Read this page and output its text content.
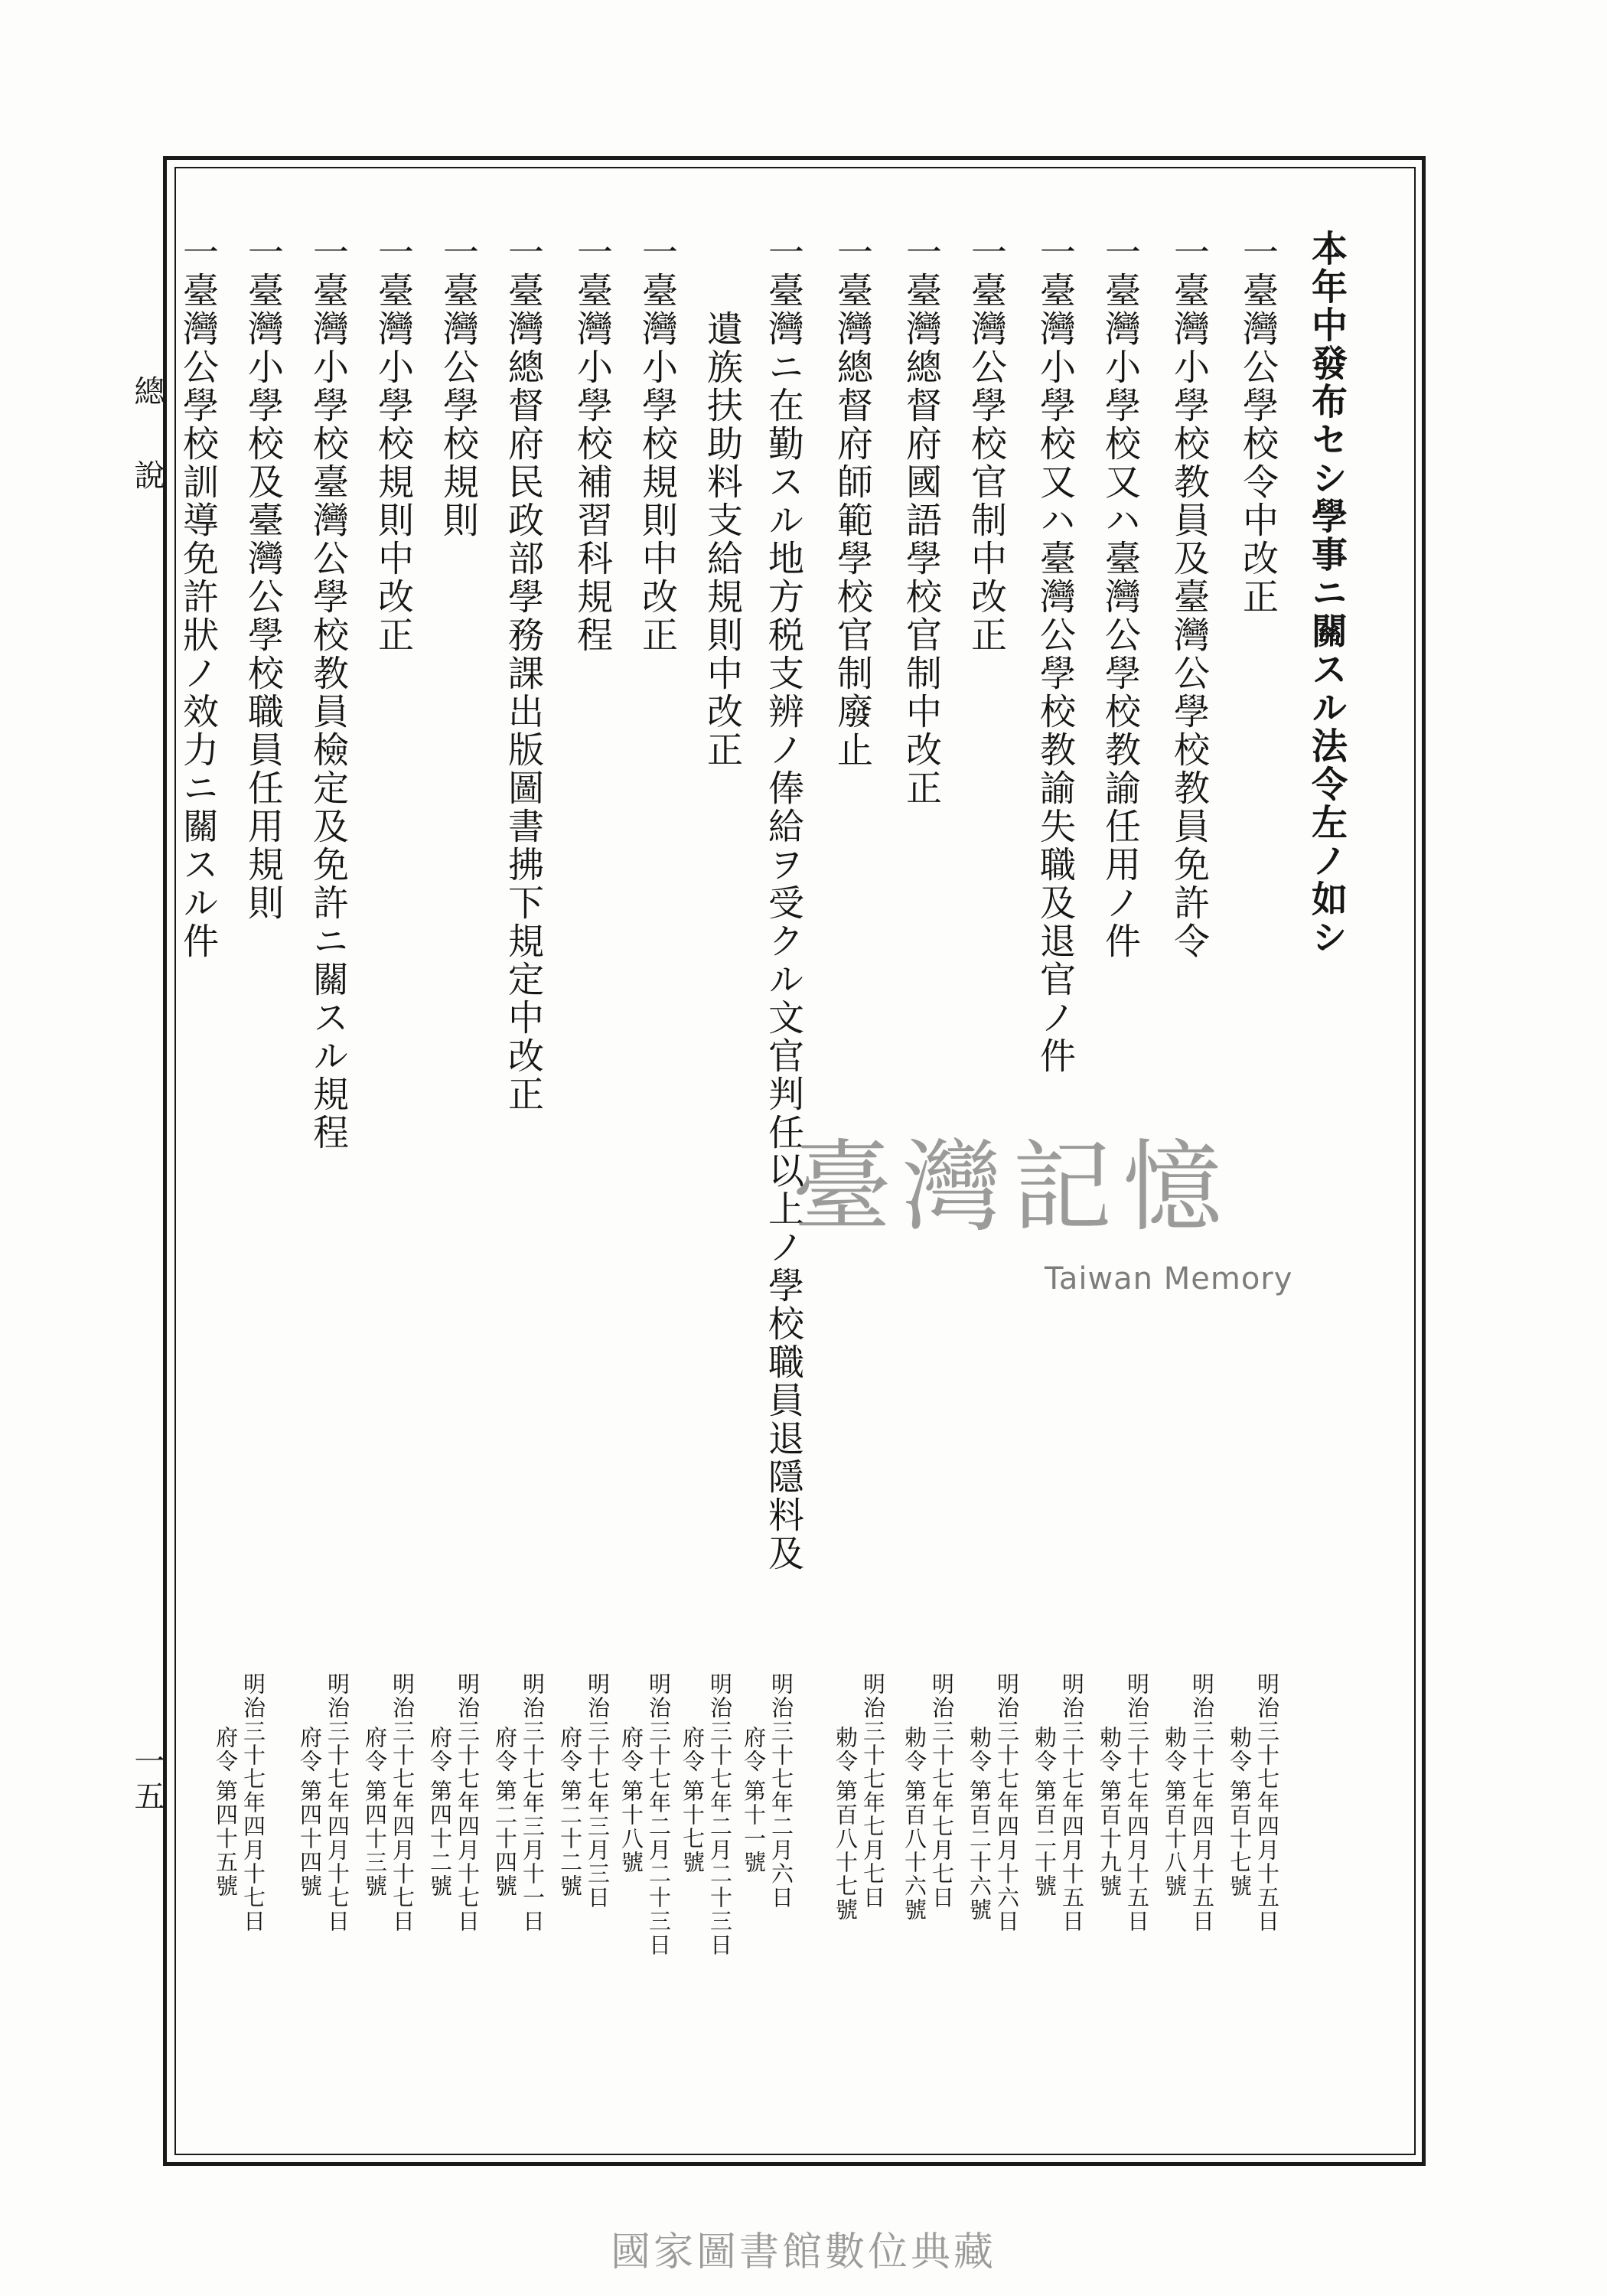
總說
一五
本年中發布セシ學事ニ關スル法令左ノ如シ
一臺灣公學校令中改正
一臺灣小學校教員及臺灣公學校教員免許令
一臺灣小學校又ハ臺灣公學校教諭任用ノ件
一臺灣小學校又ハ臺灣公學校教諭失職及退官ノ件
一臺灣公學校官制中改正
一臺灣總督府國語學校官制中改正
一臺灣總督府師範學校官制廢止
一臺灣ニ在勤スル地方税支辨ノ俸給ヲ受クル文官判任以上ノ學校職員退隱料及
遺族扶助料支給規則中改正
一臺灣小學校規則中改正
一臺灣小學校補習科規程
一臺灣總督府民政部學務課出版圖書拂下規定中改正
一臺灣公學校規則
一臺灣小學校規則中改正
一臺灣小學校臺灣公學校教員檢定及免許ニ關スル規程
一臺灣小學校及臺灣公學校職員任用規則
一臺灣公學校訓導免許狀ノ效力ニ關スル件
明治三十七年四月十五日
勅令
第百十七號
明治三十七年四月十五日
勅令
第百十八號
明治三十七年四月十五日
勅令
第百十九號
明治三十七年四月十五日
勅令
第百二十號
明治三十七年四月十六日
勅令
第百二十六號
明治三十七年七月七日
勅令
第百八十六號
明治三十七年七月七日
勅令
第百八十七號
明治三十七年二月六日
府令
第十一號
明治三十七年二月二十三日
府令
第十七號
明治三十七年二月二十三日
府令
第十八號
明治三十七年三月三日
府令
第二十二號
明治三十七年三月十一日
府令
第二十四號
明治三十七年四月十七日
府令
第四十二號
明治三十七年四月十七日
府令
第四十三號
明治三十七年四月十七日
府令
第四十四號
明治三十七年四月十七日
府令
第四十五號
臺灣記憶
Taiwan Memory
國家圖書館數位典藏
